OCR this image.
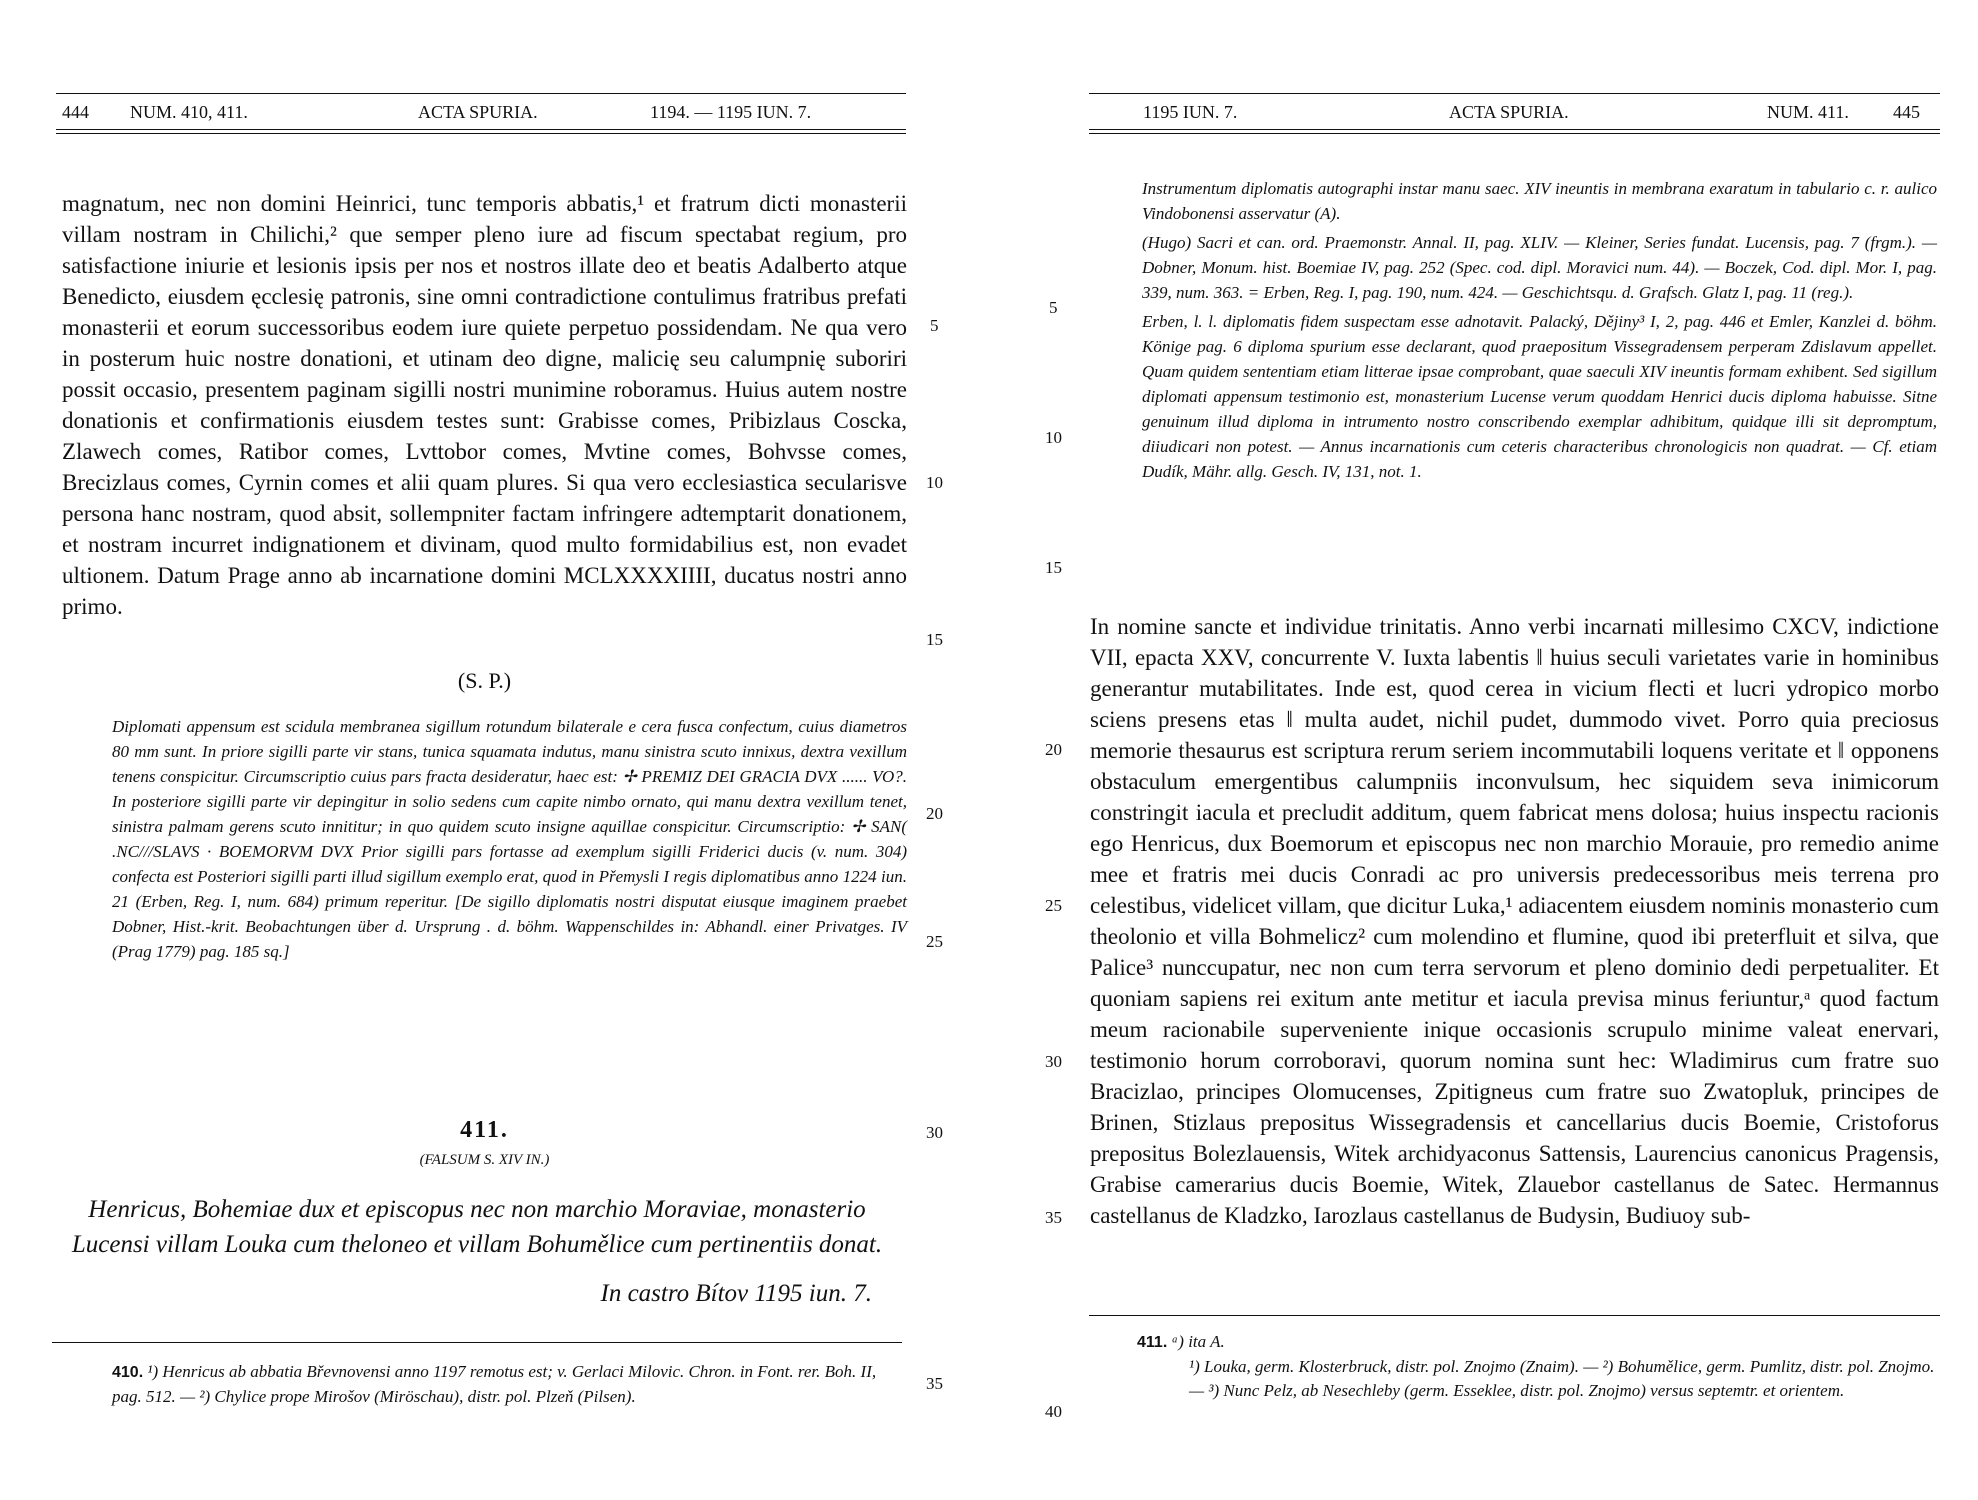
444 NUM. 410, 411.	ACTA SPURIA.	1194. — 1195 IUN. 7.

magnatum, nec non domini Heinrici, tunc temporis abbatis,¹ et fratrum dicti monasterii villam nostram in Chilichi,² que semper pleno iure ad fiscum spectabat regium, pro satisfactione iniurie et lesionis ipsis per nos et nostros illate deo et beatis Adalberto atque Benedicto, eiusdem ęcclesię patronis, sine omni contradictione contulimus fratribus prefati monasterii et eorum successoribus eodem iure quiete perpetuo possidendam. Ne qua vero in posterum huic nostre donationi, et utinam deo digne, malicię seu calumpnię suboriri possit occasio, presentem paginam sigilli nostri munimine roboramus. Huius autem nostre donationis et confirmationis eiusdem testes sunt: Grabisse comes, Pribizlaus Coscka, Zlawech comes, Ratibor comes, Lvttobor comes, Mvtine comes, Bohvsse comes, Brecizlaus comes, Cyrnin comes et alii quam plures. Si qua vero ecclesiastica secularisve persona hanc nostram, quod absit, sollempniter factam infringere adtemptarit donationem, et nostram incurret indignationem et divinam, quod multo formidabilius est, non evadet ultionem. Datum Prage anno ab incarnatione domini MCLXXXXIIII, ducatus nostri anno primo.

(S. P.)

Diplomati appensum est scidula membranea sigillum rotundum bilaterale e cera fusca confectum, cuius diametros 80 mm sunt. In priore sigilli parte vir stans, tunica squamata indutus, manu sinistra scuto innixus, dextra vexillum tenens conspicitur. Circumscriptio cuius pars fracta desideratur, haec est: ✢ PREMIZ DEI GRACIA DVX ...... VO?. In posteriore sigilli parte vir depingitur in solio sedens cum capite nimbo ornato, qui manu dextra vexillum tenet, sinistra palmam gerens scuto innititur; in quo quidem scuto insigne aquillae conspicitur. Circumscriptio: ✢ SAN( .NC///SLAVS · BOEMORVM DVX Prior sigilli pars fortasse ad exemplum sigilli Friderici ducis (v. num. 304) confecta est Posteriori sigilli parti illud sigillum exemplo erat, quod in Přemysli I regis diplomatibus anno 1224 iun. 21 (Erben, Reg. I, num. 684) primum reperitur. [De sigillo diplomatis nostri disputat eiusque imaginem praebet Dobner, Hist.-krit. Beobachtungen über d. Ursprung . d. böhm. Wappenschildes in: Abhandl. einer Privatges. IV (Prag 1779) pag. 185 sq.]

411.
(FALSUM S. XIV IN.)
Henricus, Bohemiae dux et episcopus nec non marchio Moraviae, monasterio Lucensi villam Louka cum theloneo et villam Bohumělice cum pertinentiis donat.
In castro Bítov 1195 iun. 7.
410. ¹) Henricus ab abbatia Břevnovensi anno 1197 remotus est; v. Gerlaci Milovic. Chron. in Font. rer. Boh. II, pag. 512. — ²) Chylice prope Mirošov (Miröschau), distr. pol. Plzeň (Pilsen).
5
10
15
20
25
30
35
1195 IUN. 7.	ACTA SPURIA.	NUM. 411. 445

Instrumentum diplomatis autographi instar manu saec. XIV ineuntis in membrana exaratum in tabulario c. r. aulico Vindobonensi asservatur (A).

(Hugo) Sacri et can. ord. Praemonstr. Annal. II, pag. XLIV. — Kleiner, Series fundat. Lucensis, pag. 7 (frgm.). — Dobner, Monum. hist. Boemiae IV, pag. 252 (Spec. cod. dipl. Moravici num. 44). — Boczek, Cod. dipl. Mor. I, pag. 339, num. 363. = Erben, Reg. I, pag. 190, num. 424. — Geschichtsqu. d. Grafsch. Glatz I, pag. 11 (reg.).

Erben, l. l. diplomatis fidem suspectam esse adnotavit. Palacký, Dějiny³ I, 2, pag. 446 et Emler, Kanzlei d. böhm. Könige pag. 6 diploma spurium esse declarant, quod praepositum Vissegradensem perperam Zdislavum appellet. Quam quidem sententiam etiam litterae ipsae comprobant, quae saeculi XIV ineuntis formam exhibent. Sed sigillum diplomati appensum testimonio est, monasterium Lucense verum quoddam Henrici ducis diploma habuisse. Sitne genuinum illud diploma in intrumento nostro conscribendo exemplar adhibitum, quidque illi sit depromptum, diiudicari non potest. — Annus incarnationis cum ceteris characteribus chronologicis non quadrat. — Cf. etiam Dudík, Mähr. allg. Gesch. IV, 131, not. 1.

In nomine sancte et individue trinitatis. Anno verbi incarnati millesimo CXCV, indictione VII, epacta XXV, concurrente V. Iuxta labentis ‖ huius seculi varietates varie in hominibus generantur mutabilitates. Inde est, quod cerea in vicium flecti et lucri ydropico morbo sciens presens etas ‖ multa audet, nichil pudet, dummodo vivet. Porro quia preciosus memorie thesaurus est scriptura rerum seriem incommutabili loquens veritate et ‖ opponens obstaculum emergentibus calumpniis inconvulsum, hec siquidem seva inimicorum constringit iacula et precludit additum, quem fabricat mens dolosa; huius inspectu racionis ego Henricus, dux Boemorum et episcopus nec non marchio Morauie, pro remedio anime mee et fratris mei ducis Conradi ac pro universis predecessoribus meis terrena pro celestibus, videlicet villam, que dicitur Luka,¹ adiacentem eiusdem nominis monasterio cum theolonio et villa Bohmelicz² cum molendino et flumine, quod ibi preterfluit et silva, que Palice³ nunccupatur, nec non cum terra servorum et pleno dominio dedi perpetualiter. Et quoniam sapiens rei exitum ante metitur et iacula previsa minus feriuntur,ᵃ quod factum meum racionabile superveniente inique occasionis scrupulo minime valeat enervari, testimonio horum corroboravi, quorum nomina sunt hec: Wladimirus cum fratre suo Bracizlao, principes Olomucenses, Zpitigneus cum fratre suo Zwatopluk, principes de Brinen, Stizlaus prepositus Wissegradensis et cancellarius ducis Boemie, Cristoforus prepositus Bolezlauensis, Witek archidyaconus Sattensis, Laurencius canonicus Pragensis, Grabise camerarius ducis Boemie, Witek, Zlauebor castellanus de Satec. Hermannus castellanus de Kladzko, Iarozlaus castellanus de Budysin, Budiuoy sub-

411. ᵃ) ita A.
¹) Louka, germ. Klosterbruck, distr. pol. Znojmo (Znaim). — ²) Bohumělice, germ. Pumlitz, distr. pol. Znojmo. — ³) Nunc Pelz, ab Nesechleby (germ. Esseklee, distr. pol. Znojmo) versus septemtr. et orientem.
5
10
15
20
25
30
35
40
